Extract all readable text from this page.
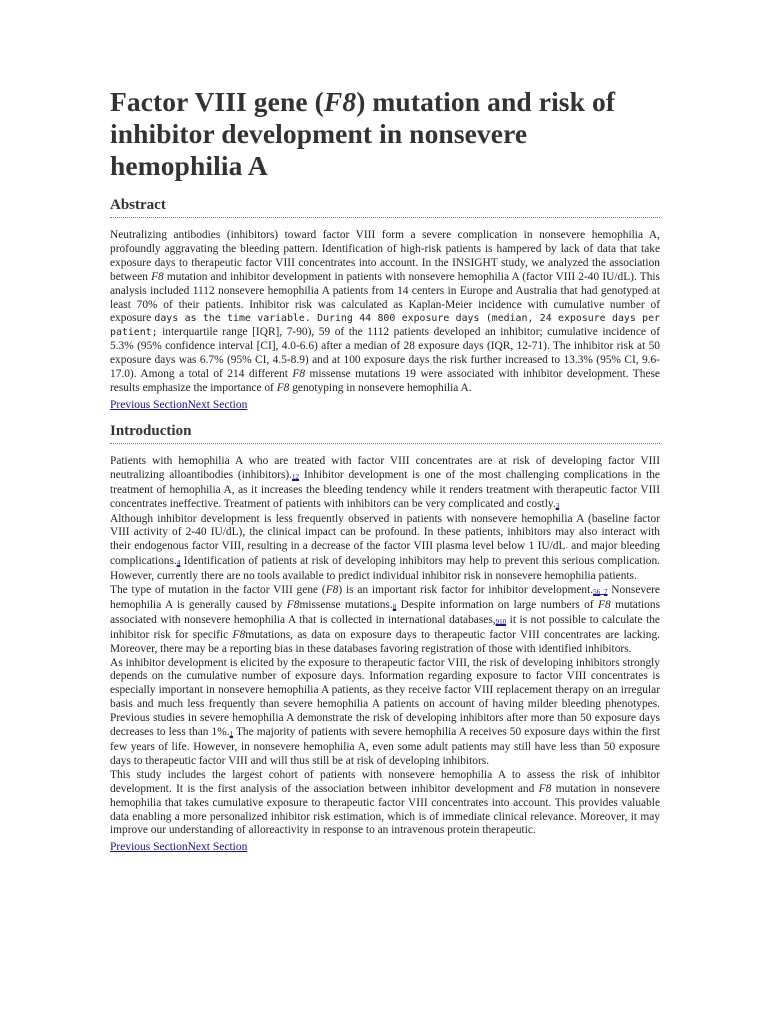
Factor VIII gene (F8) mutation and risk of inhibitor development in nonsevere hemophilia A
Abstract

Neutralizing antibodies (inhibitors) toward factor VIII form a severe complication in nonsevere hemophilia A, profoundly aggravating the bleeding pattern. Identification of high-risk patients is hampered by lack of data that take exposure days to therapeutic factor VIII concentrates into account. In the INSIGHT study, we analyzed the association between F8 mutation and inhibitor development in patients with nonsevere hemophilia A (factor VIII 2-40 IU/dL). This analysis included 1112 nonsevere hemophilia A patients from 14 centers in Europe and Australia that had genotyped at least 70% of their patients. Inhibitor risk was calculated as Kaplan-Meier incidence with cumulative number of exposure days as the time variable. During 44 800 exposure days (median, 24 exposure days per patient; interquartile range [IQR], 7-90), 59 of the 1112 patients developed an inhibitor; cumulative incidence of 5.3% (95% confidence interval [CI], 4.0-6.6) after a median of 28 exposure days (IQR, 12-71). The inhibitor risk at 50 exposure days was 6.7% (95% CI, 4.5-8.9) and at 100 exposure days the risk further increased to 13.3% (95% CI, 9.6-17.0). Among a total of 214 different F8 missense mutations 19 were associated with inhibitor development. These results emphasize the importance of F8 genotyping in nonsevere hemophilia A.

Previous SectionNext Section
Introduction

Patients with hemophilia A who are treated with factor VIII concentrates are at risk of developing factor VIII neutralizing alloantibodies (inhibitors).$^{12}$ Inhibitor development is one of the most challenging complications in the treatment of hemophilia A, as it increases the bleeding tendency while it renders treatment with therapeutic factor VIII concentrates ineffective. Treatment of patients with inhibitors can be very complicated and costly.$^3$

Although inhibitor development is less frequently observed in patients with nonsevere hemophilia A (baseline factor VIII activity of 2-40 IU/dL), the clinical impact can be profound. In these patients, inhibitors may also interact with their endogenous factor VIII, resulting in a decrease of the factor VIII plasma level below 1 IU/dL· and major bleeding complications.$^4$ Identification of patients at risk of developing inhibitors may help to prevent this serious complication. However, currently there are no tools available to predict individual inhibitor risk in nonsevere hemophilia patients.

The type of mutation in the factor VIII gene (F8) is an important risk factor for inhibitor development.$^{56}$ $^7$ Nonsevere hemophilia A is generally caused by F8missense mutations.$^8$ Despite information on large numbers of F8 mutations associated with nonsevere hemophilia A that is collected in international databases,$^{910}$ it is not possible to calculate the inhibitor risk for specific F8mutations, as data on exposure days to therapeutic factor VIII concentrates are lacking. Moreover, there may be a reporting bias in these databases favoring registration of those with identified inhibitors.

As inhibitor development is elicited by the exposure to therapeutic factor VIII, the risk of developing inhibitors strongly depends on the cumulative number of exposure days. Information regarding exposure to factor VIII concentrates is especially important in nonsevere hemophilia A patients, as they receive factor VIII replacement therapy on an irregular basis and much less frequently than severe hemophilia A patients on account of having milder bleeding phenotypes. Previous studies in severe hemophilia A demonstrate the risk of developing inhibitors after more than 50 exposure days decreases to less than 1%.$^1$ The majority of patients with severe hemophilia A receives 50 exposure days within the first few years of life. However, in nonsevere hemophilia A, even some adult patients may still have less than 50 exposure days to therapeutic factor VIII and will thus still be at risk of developing inhibitors.

This study includes the largest cohort of patients with nonsevere hemophilia A to assess the risk of inhibitor development. It is the first analysis of the association between inhibitor development and F8 mutation in nonsevere hemophilia that takes cumulative exposure to therapeutic factor VIII concentrates into account. This provides valuable data enabling a more personalized inhibitor risk estimation, which is of immediate clinical relevance. Moreover, it may improve our understanding of alloreactivity in response to an intravenous protein therapeutic.

Previous SectionNext Section
